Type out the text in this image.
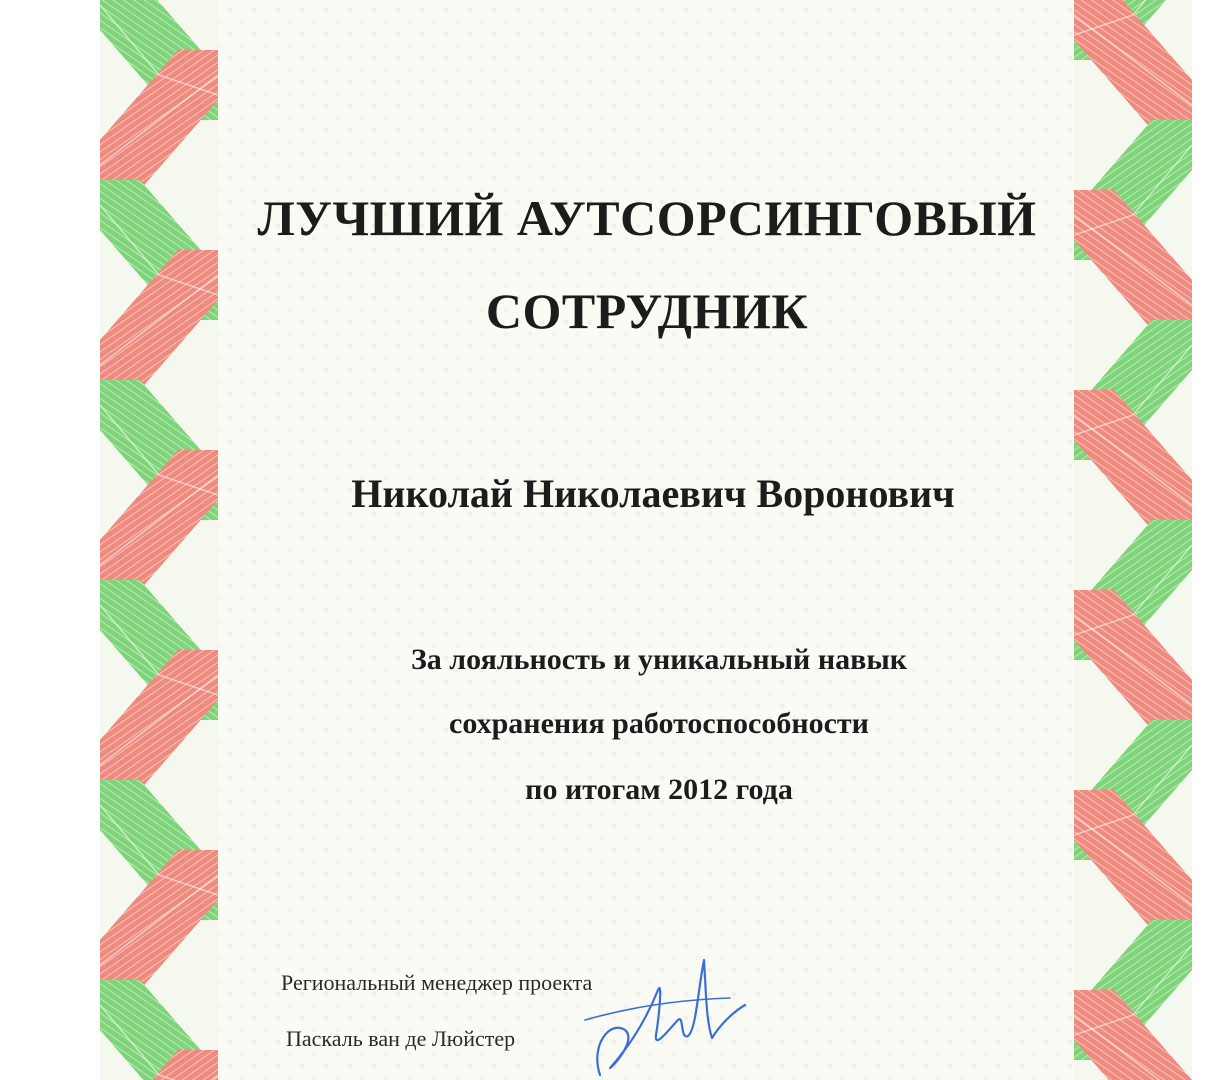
ЛУЧШИЙ АУТСОРСИНГОВЫЙ
СОТРУДНИК
Николай Николаевич Воронович
За лояльность и уникальный навык
сохранения работоспособности
по итогам 2012 года
Региональный менеджер проекта
Паскаль ван де Люйстер
